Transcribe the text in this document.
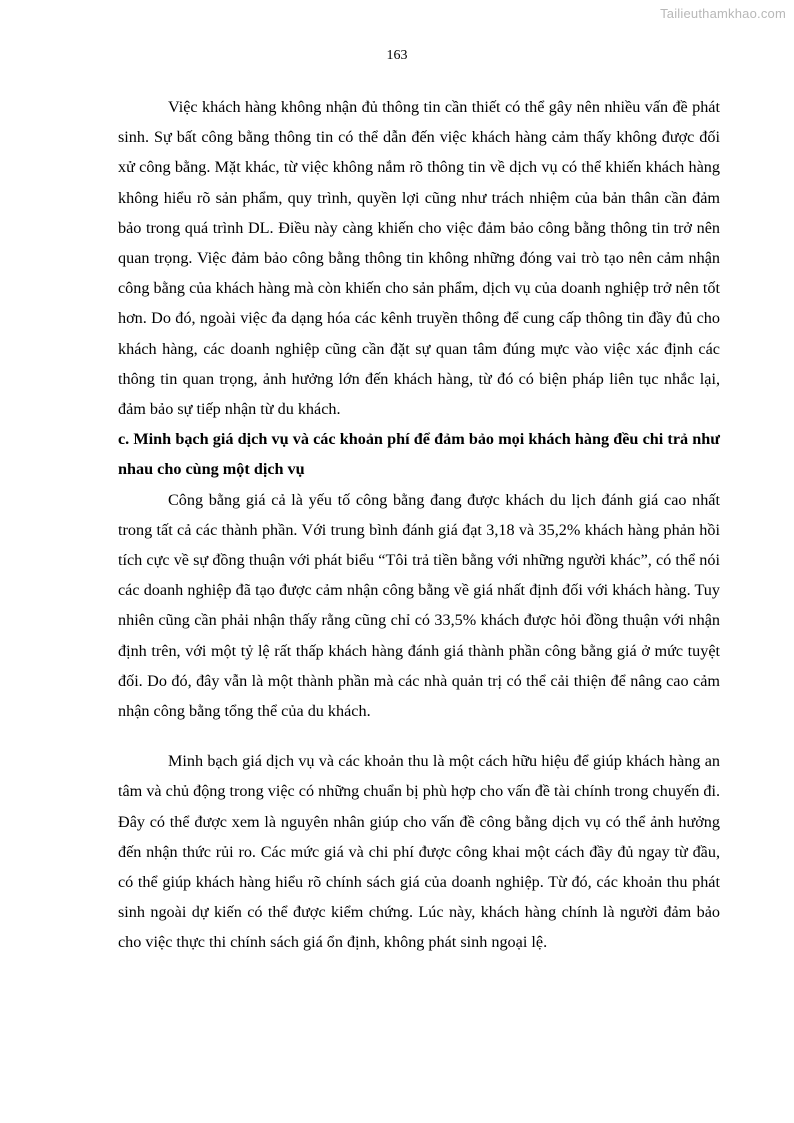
Tailieuthamkhao.com
163

Việc khách hàng không nhận đủ thông tin cần thiết có thể gây nên nhiều vấn đề phát sinh. Sự bất công bằng thông tin có thể dẫn đến việc khách hàng cảm thấy không được đối xử công bằng. Mặt khác, từ việc không nắm rõ thông tin về dịch vụ có thể khiến khách hàng không hiểu rõ sản phẩm, quy trình, quyền lợi cũng như trách nhiệm của bản thân cần đảm bảo trong quá trình DL. Điều này càng khiến cho việc đảm bảo công bằng thông tin trở nên quan trọng. Việc đảm bảo công bằng thông tin không những đóng vai trò tạo nên cảm nhận công bằng của khách hàng mà còn khiến cho sản phẩm, dịch vụ của doanh nghiệp trở nên tốt hơn. Do đó, ngoài việc đa dạng hóa các kênh truyền thông để cung cấp thông tin đầy đủ cho khách hàng, các doanh nghiệp cũng cần đặt sự quan tâm đúng mực vào việc xác định các thông tin quan trọng, ảnh hưởng lớn đến khách hàng, từ đó có biện pháp liên tục nhắc lại, đảm bảo sự tiếp nhận từ du khách.

c. Minh bạch giá dịch vụ và các khoản phí để đảm bảo mọi khách hàng đều chi trả như nhau cho cùng một dịch vụ

Công bằng giá cả là yếu tố công bằng đang được khách du lịch đánh giá cao nhất trong tất cả các thành phần. Với trung bình đánh giá đạt 3,18 và 35,2% khách hàng phản hồi tích cực về sự đồng thuận với phát biểu “Tôi trả tiền bằng với những người khác”, có thể nói các doanh nghiệp đã tạo được cảm nhận công bằng về giá nhất định đối với khách hàng. Tuy nhiên cũng cần phải nhận thấy rằng cũng chỉ có 33,5% khách được hỏi đồng thuận với nhận định trên, với một tỷ lệ rất thấp khách hàng đánh giá thành phần công bằng giá ở mức tuyệt đối. Do đó, đây vẫn là một thành phần mà các nhà quản trị có thể cải thiện để nâng cao cảm nhận công bằng tổng thể của du khách.

Minh bạch giá dịch vụ và các khoản thu là một cách hữu hiệu để giúp khách hàng an tâm và chủ động trong việc có những chuẩn bị phù hợp cho vấn đề tài chính trong chuyến đi. Đây có thể được xem là nguyên nhân giúp cho vấn đề công bằng dịch vụ có thể ảnh hưởng đến nhận thức rủi ro. Các mức giá và chi phí được công khai một cách đầy đủ ngay từ đầu, có thể giúp khách hàng hiểu rõ chính sách giá của doanh nghiệp. Từ đó, các khoản thu phát sinh ngoài dự kiến có thể được kiểm chứng. Lúc này, khách hàng chính là người đảm bảo cho việc thực thi chính sách giá ổn định, không phát sinh ngoại lệ.
